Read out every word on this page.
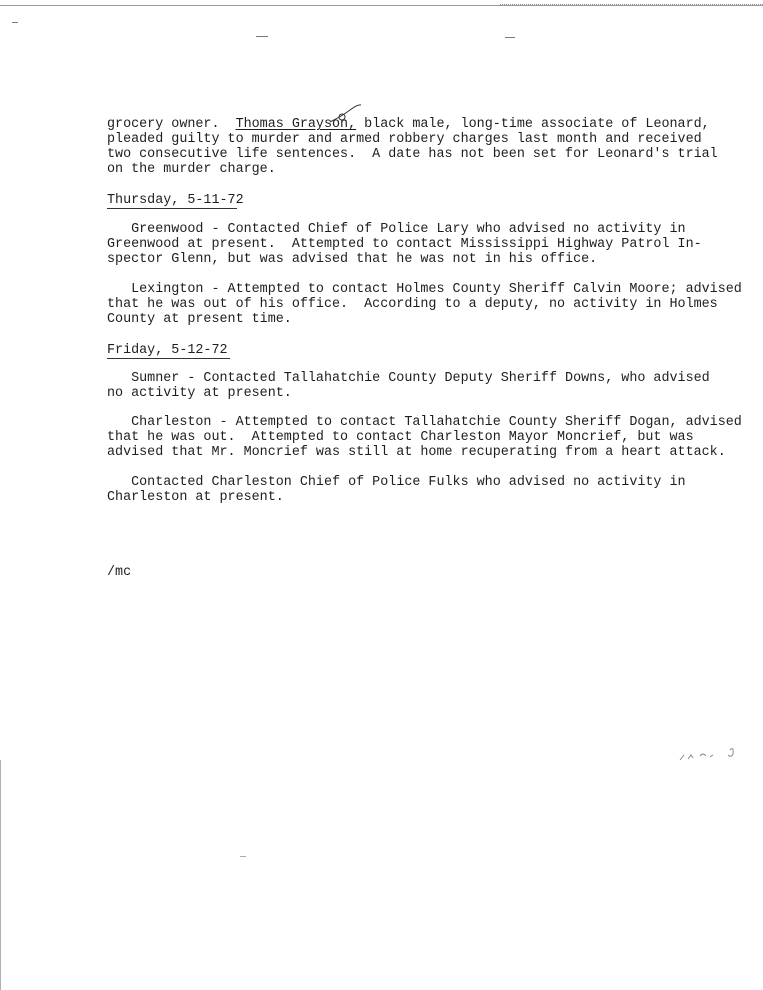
grocery owner.  Thomas Grayson, black male, long-time associate of Leonard,
pleaded guilty to murder and armed robbery charges last month and received
two consecutive life sentences.  A date has not been set for Leonard's trial
on the murder charge.
Thursday, 5-11-72
Greenwood - Contacted Chief of Police Lary who advised no activity in
Greenwood at present.  Attempted to contact Mississippi Highway Patrol In-
spector Glenn, but was advised that he was not in his office.
Lexington - Attempted to contact Holmes County Sheriff Calvin Moore; advised
that he was out of his office.  According to a deputy, no activity in Holmes
County at present time.
Friday, 5-12-72
Sumner - Contacted Tallahatchie County Deputy Sheriff Downs, who advised
no activity at present.
Charleston - Attempted to contact Tallahatchie County Sheriff Dogan, advised
that he was out.  Attempted to contact Charleston Mayor Moncrief, but was
advised that Mr. Moncrief was still at home recuperating from a heart attack.
Contacted Charleston Chief of Police Fulks who advised no activity in
Charleston at present.
/mc
